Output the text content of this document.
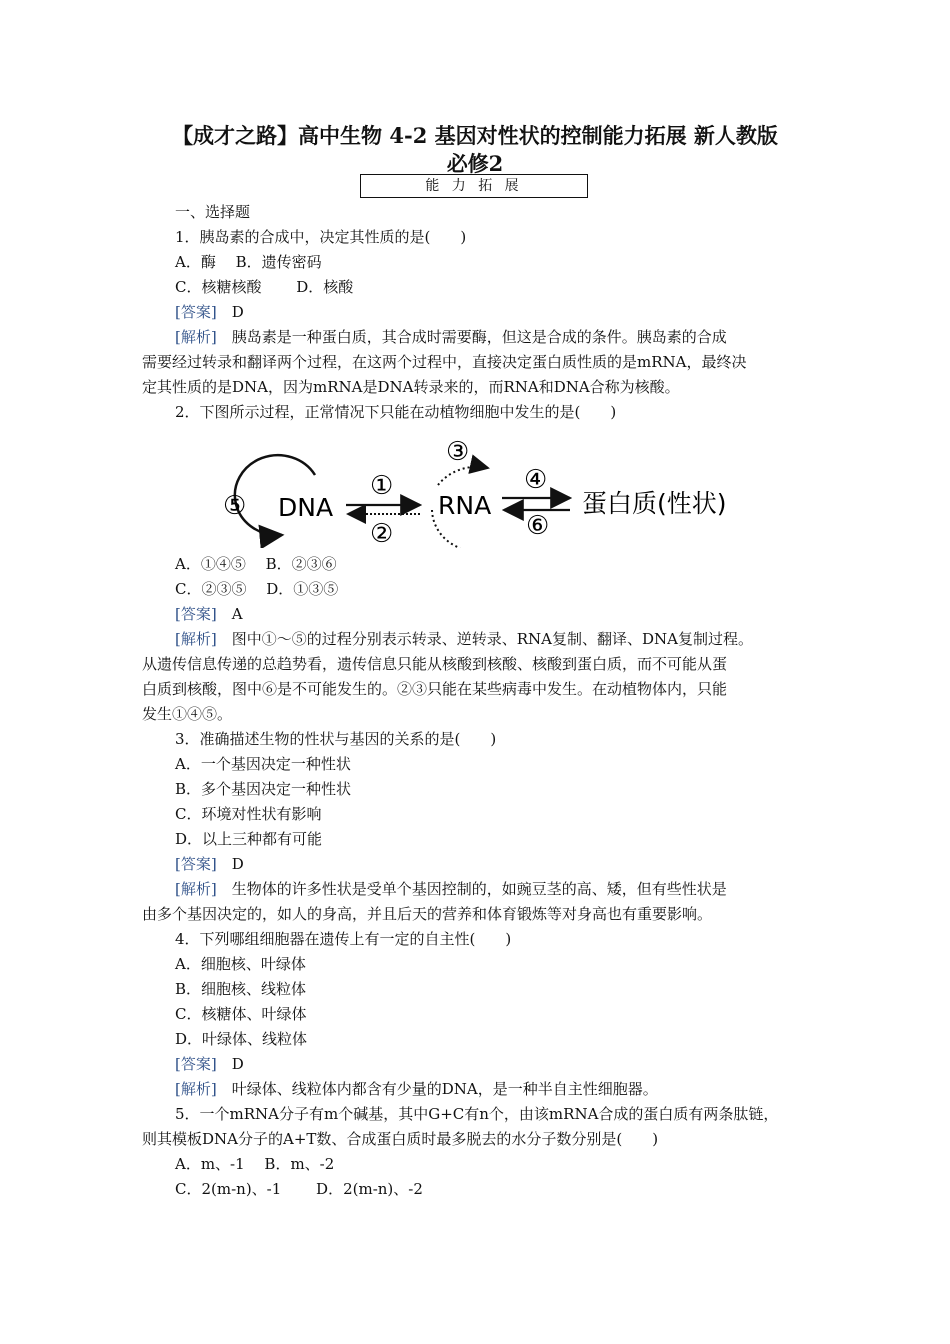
【成才之路】高中生物 4-2 基因对性状的控制能力拓展 新人教版
必修2
能 力 拓 展
一、选择题
1．胰岛素的合成中，决定其性质的是(　　)
A．酶　 B．遗传密码
C．核糖核酸　　 D．核酸
[答案]　 D
[解析]　 胰岛素是一种蛋白质，其合成时需要酶，但这是合成的条件。胰岛素的合成
需要经过转录和翻译两个过程，在这两个过程中，直接决定蛋白质性质的是mRNA，最终决
定其性质的是DNA，因为mRNA是DNA转录来的，而RNA和DNA合称为核酸。
2．下图所示过程，正常情况下只能在动植物细胞中发生的是(　　)
⑤ DNA
①
②
③
RNA
④
⑥
蛋白质(性状)
A．①④⑤　 B．②③⑥
C．②③⑤　 D．①③⑤
[答案]　 A
[解析]　 图中①～⑤的过程分别表示转录、逆转录、RNA复制、翻译、DNA复制过程。
从遗传信息传递的总趋势看，遗传信息只能从核酸到核酸、核酸到蛋白质，而不可能从蛋
白质到核酸，图中⑥是不可能发生的。②③只能在某些病毒中发生。在动植物体内，只能
发生①④⑤。
3．准确描述生物的性状与基因的关系的是(　　)
A．一个基因决定一种性状
B．多个基因决定一种性状
C．环境对性状有影响
D．以上三种都有可能
[答案]　 D
[解析]　 生物体的许多性状是受单个基因控制的，如豌豆茎的高、矮，但有些性状是
由多个基因决定的，如人的身高，并且后天的营养和体育锻炼等对身高也有重要影响。
4．下列哪组细胞器在遗传上有一定的自主性(　　)
A．细胞核、叶绿体
B．细胞核、线粒体
C．核糖体、叶绿体
D．叶绿体、线粒体
[答案]　 D
[解析]　 叶绿体、线粒体内都含有少量的DNA，是一种半自主性细胞器。
5．一个mRNA分子有m个碱基，其中G+C有n个，由该mRNA合成的蛋白质有两条肽链，
则其模板DNA分子的A+T数、合成蛋白质时最多脱去的水分子数分别是(　　)
A．m、-1　 B．m、-2
C．2(m-n)、-1　　 D．2(m-n)、-2
